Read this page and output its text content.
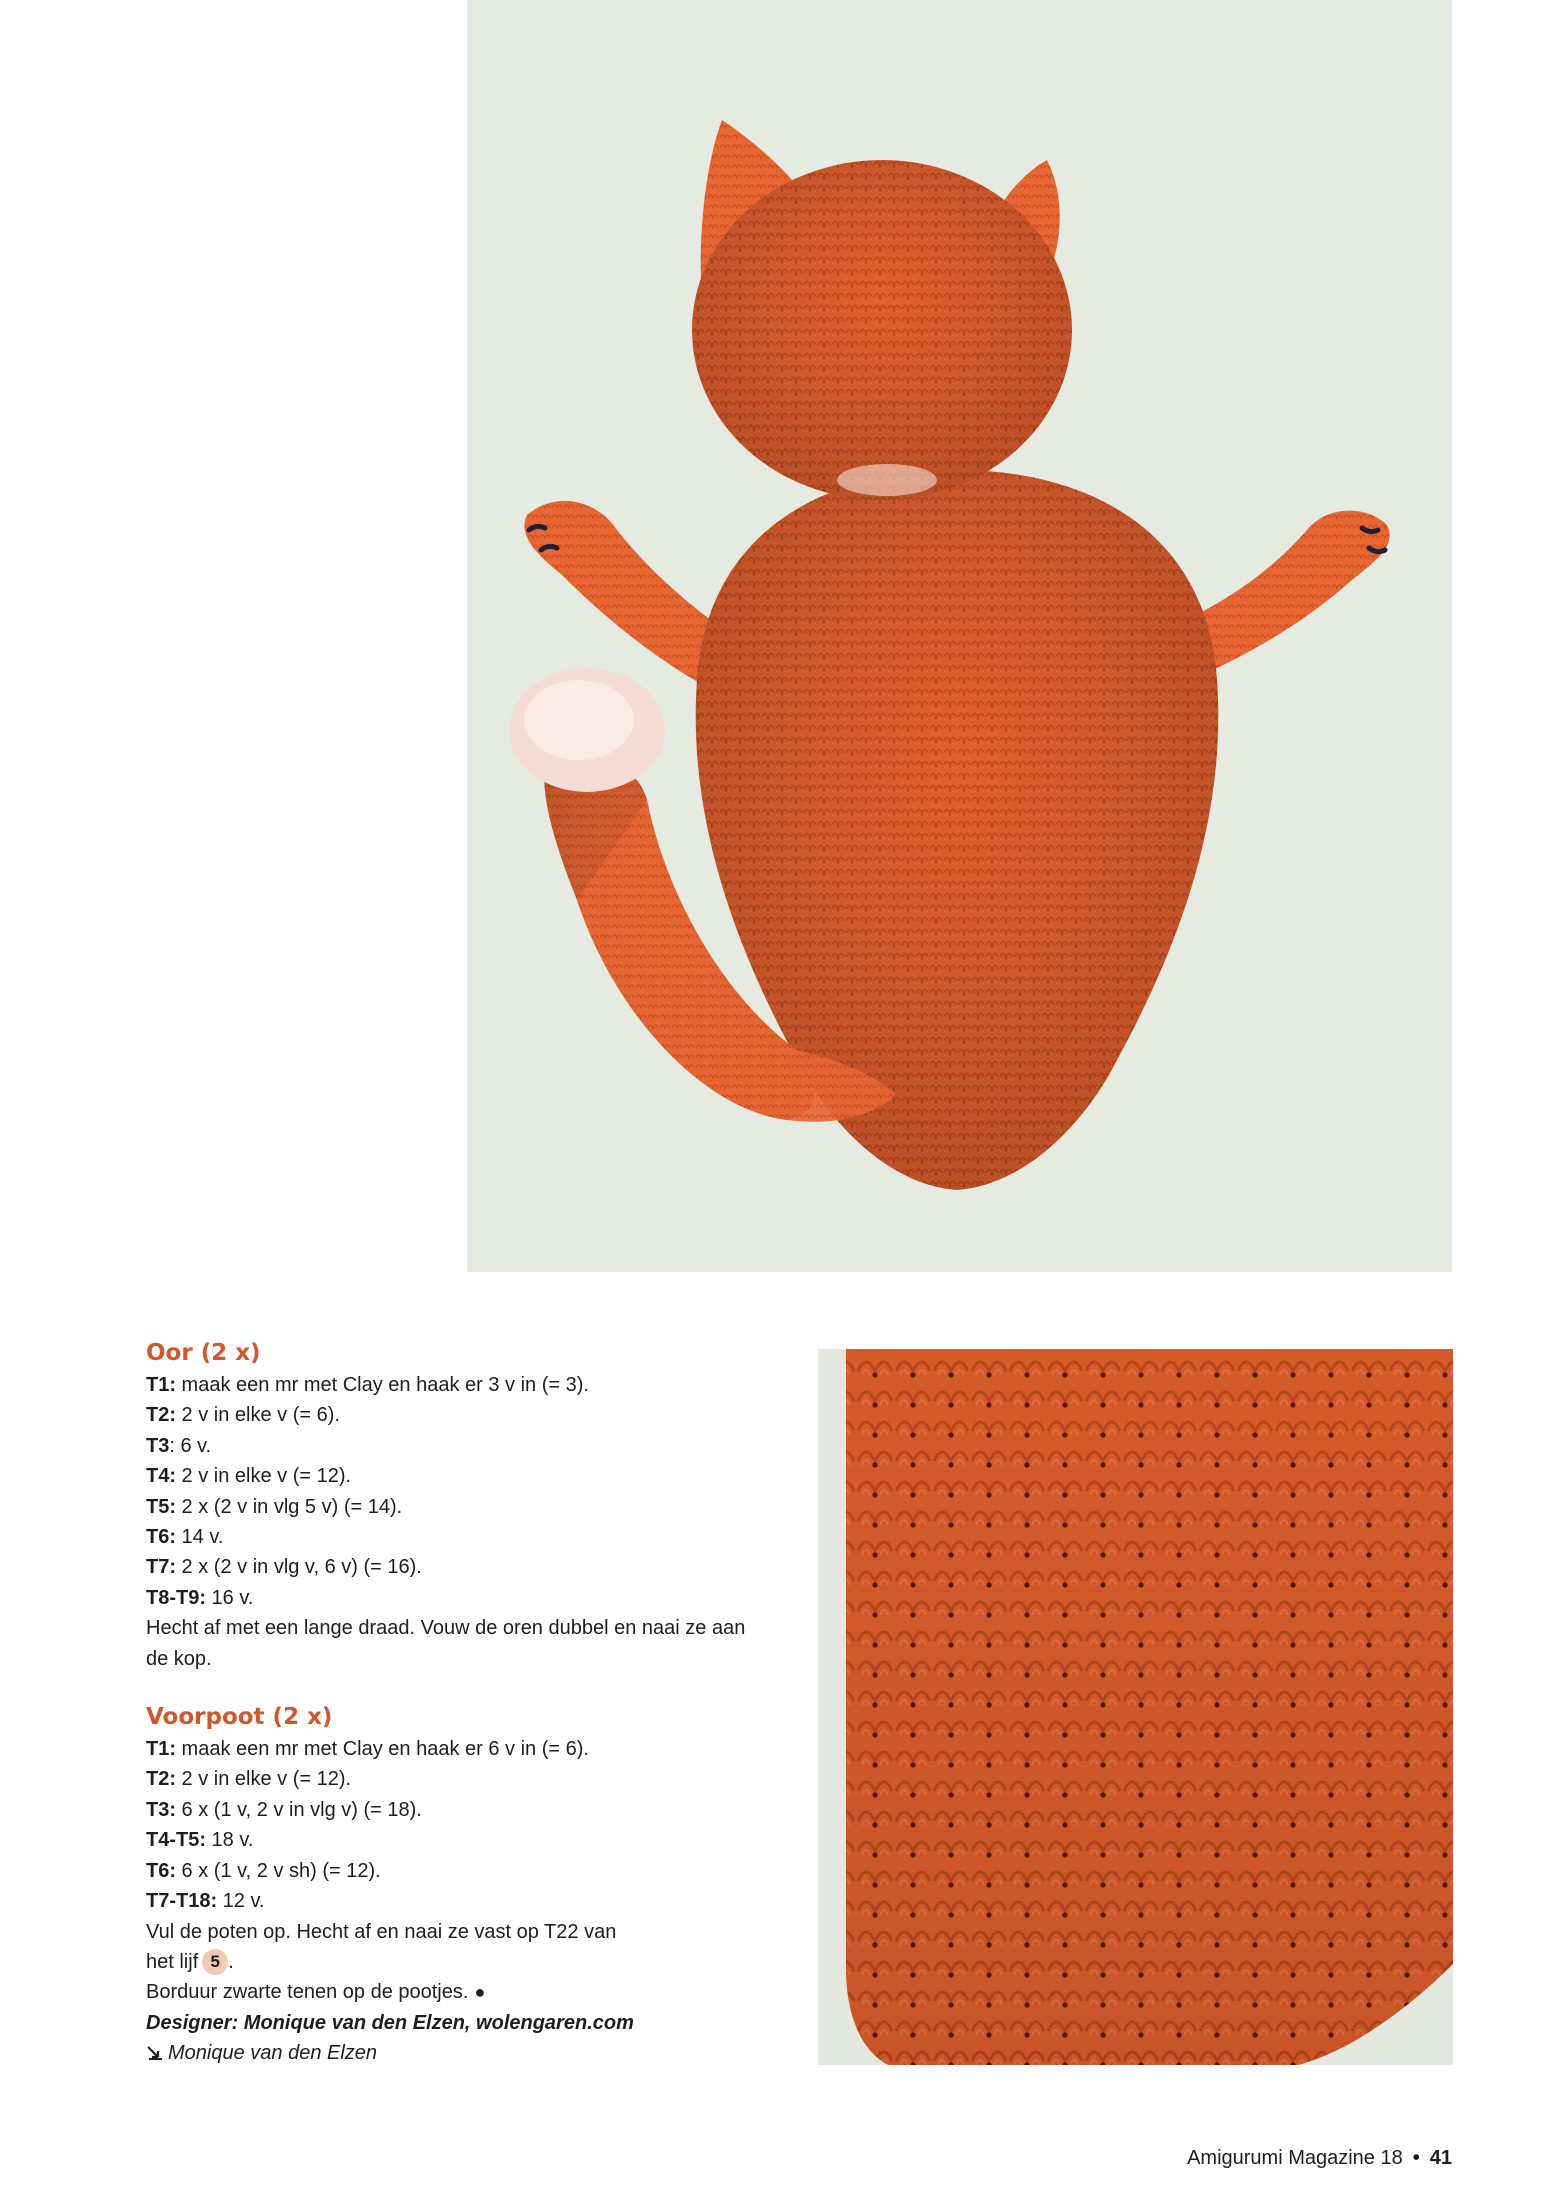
Oor (2 x)

T1: maak een mr met Clay en haak er 3 v in (= 3).

T2: 2 v in elke v (= 6).

T3: 6 v.

T4: 2 v in elke v (= 12).

T5: 2 x (2 v in vlg 5 v) (= 14).

T6: 14 v.

T7: 2 x (2 v in vlg v, 6 v) (= 16).

T8-T9: 16 v.

Hecht af met een lange draad. Vouw de oren dubbel en naai ze aan de kop.

Voorpoot (2 x)

T1: maak een mr met Clay en haak er 6 v in (= 6).

T2: 2 v in elke v (= 12).

T3: 6 x (1 v, 2 v in vlg v) (= 18).

T4-T5: 18 v.

T6: 6 x (1 v, 2 v sh) (= 12).

T7-T18: 12 v.

Vul de poten op. Hecht af en naai ze vast op T22 van

het lijf 5 .

Borduur zwarte tenen op de pootjes. ●

Designer: Monique van den Elzen, wolengaren.com

Monique van den Elzen

Amigurumi Magazine 18 • 41
